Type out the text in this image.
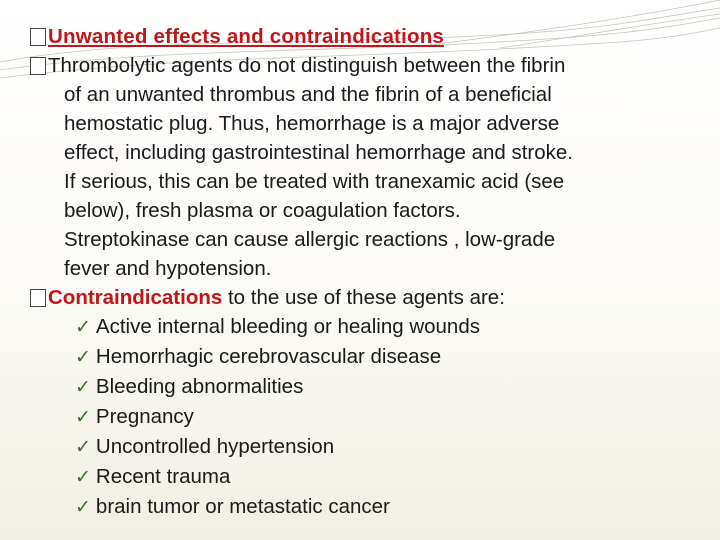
Unwanted effects and contraindications
Thrombolytic agents do not distinguish between the fibrin
of an unwanted thrombus and the fibrin of a beneficial
hemostatic plug. Thus, hemorrhage is a major adverse
effect, including gastrointestinal hemorrhage and stroke.
If serious, this can be treated with tranexamic acid (see
below), fresh plasma or coagulation factors.
Streptokinase can cause allergic reactions , low-grade
fever and hypotension.
Contraindications to the use of these agents are:
✓ Active internal bleeding or healing wounds
✓ Hemorrhagic cerebrovascular disease
✓ Bleeding abnormalities
✓ Pregnancy
✓ Uncontrolled hypertension
✓ Recent trauma
✓ brain tumor or metastatic cancer
